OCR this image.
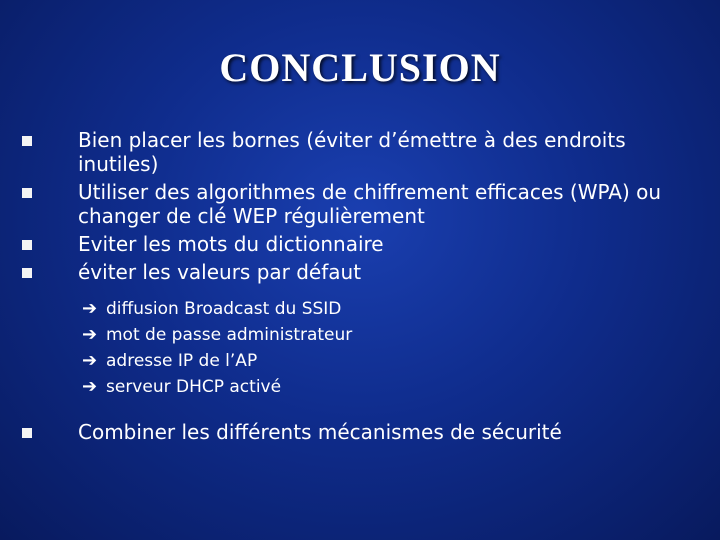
CONCLUSION
Bien placer les bornes (éviter d’émettre à des endroits inutiles)
Utiliser des algorithmes de chiffrement efficaces (WPA) ou changer de clé WEP régulièrement
Eviter les mots du dictionnaire
éviter les valeurs par défaut
Combiner les différents mécanismes de sécurité
➔ diffusion Broadcast du SSID
➔ mot de passe administrateur
➔ adresse IP de l’AP
➔ serveur DHCP activé
